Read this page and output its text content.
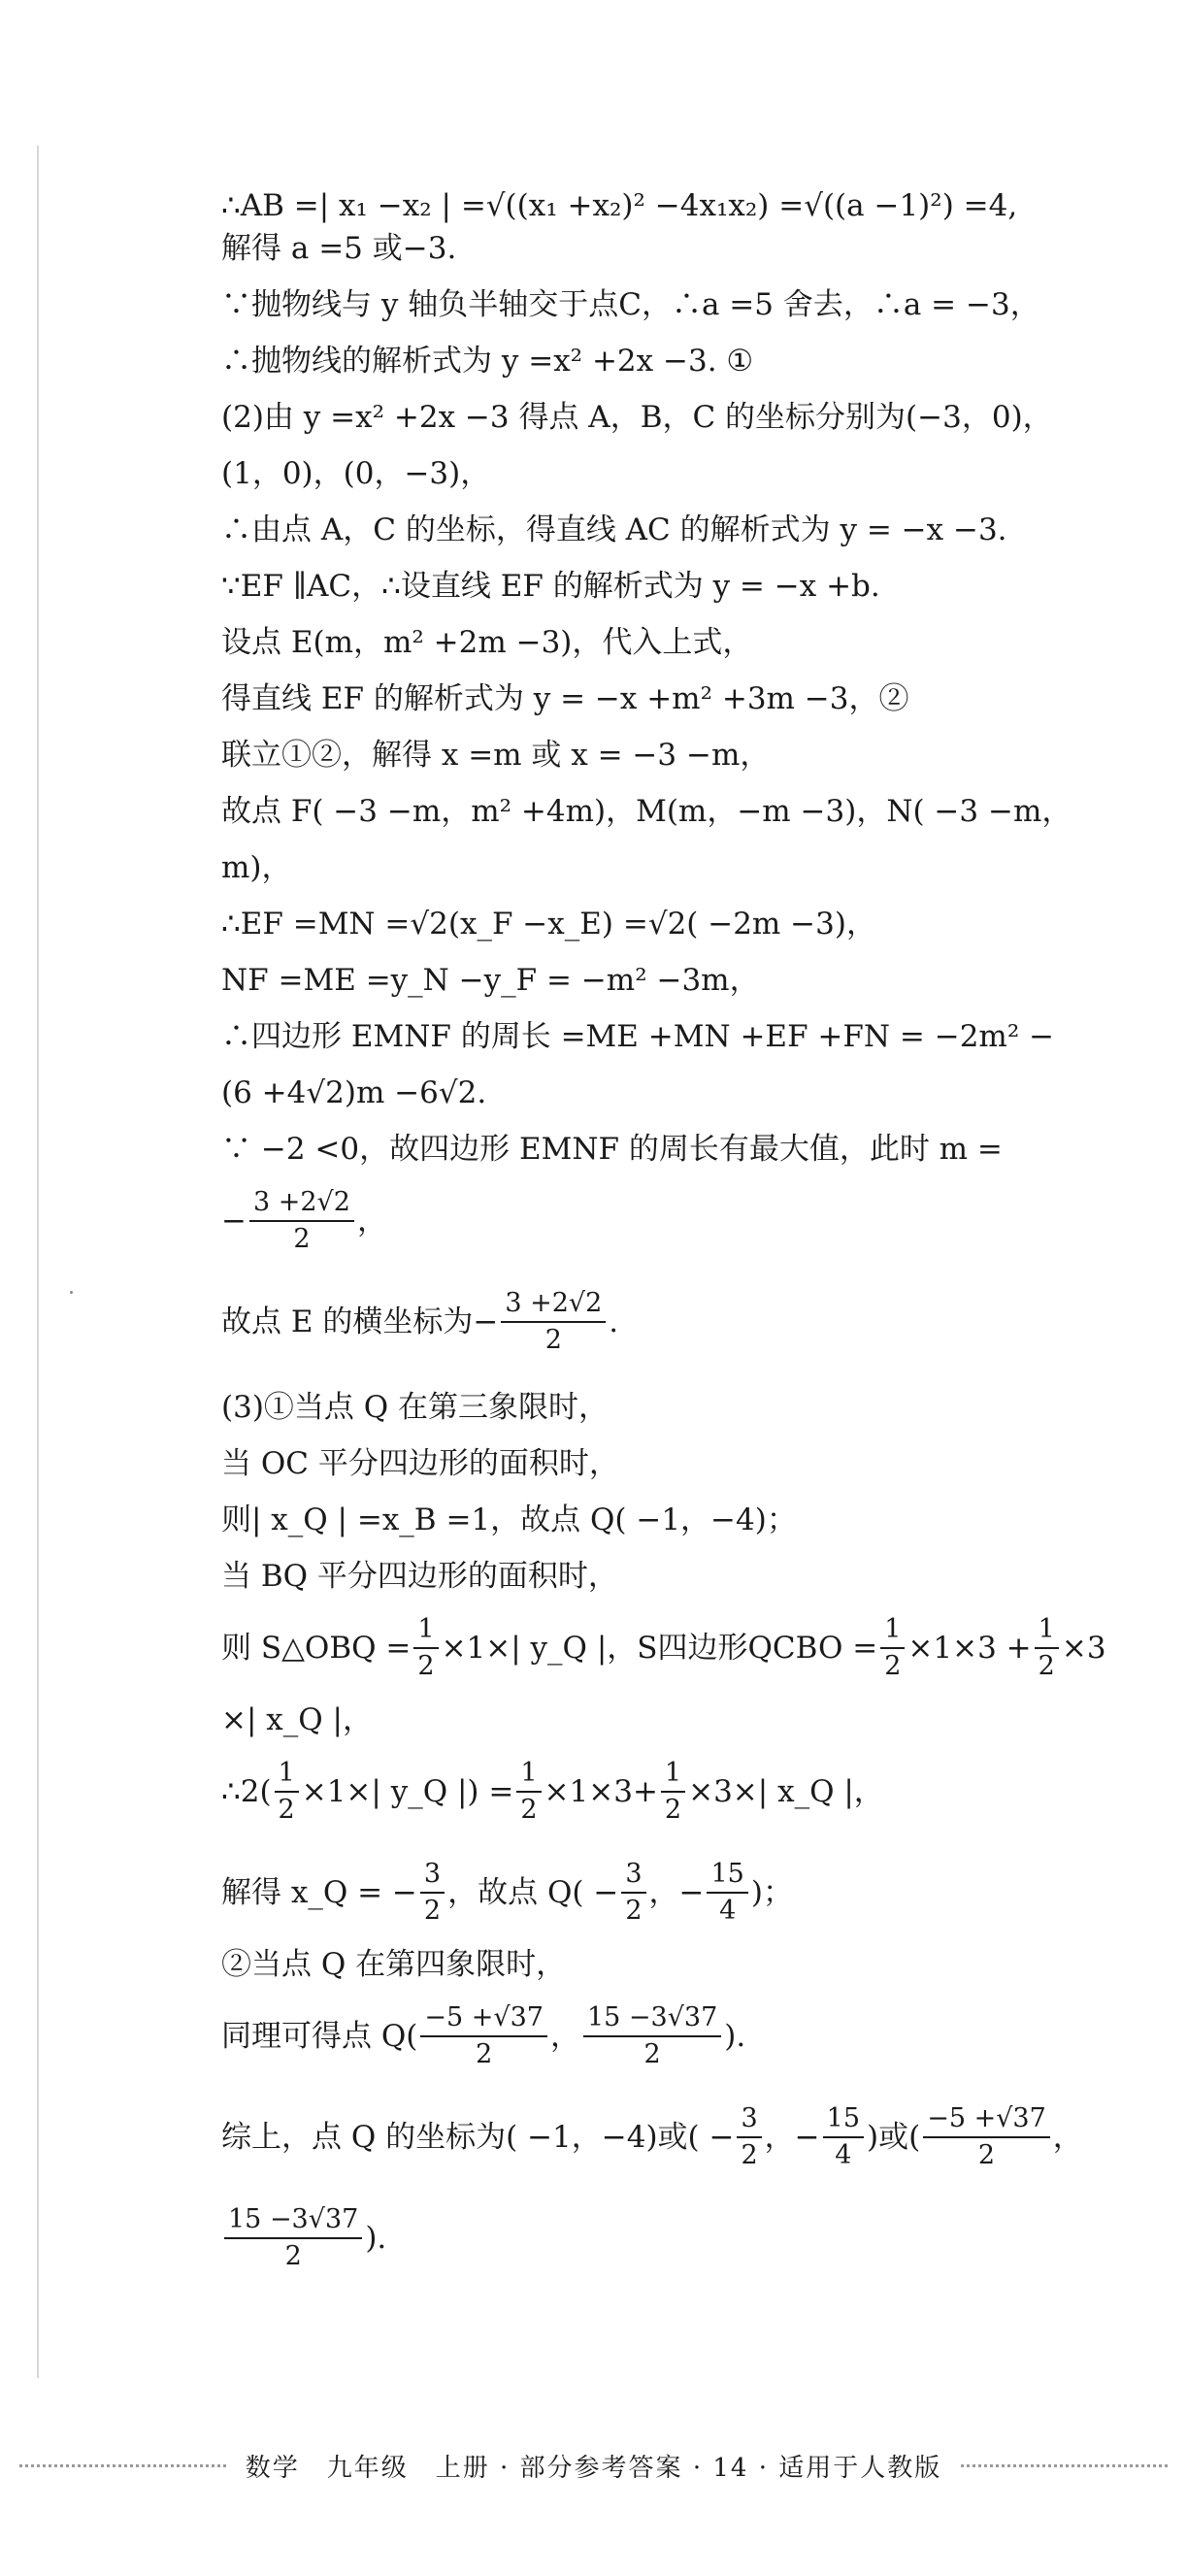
∴AB =| x₁ −x₂ | =√((x₁ +x₂)² −4x₁x₂) =√((a −1)²) =4,

解得 a =5 或−3.

∵抛物线与 y 轴负半轴交于点C，∴a =5 舍去，∴a = −3，

∴抛物线的解析式为 y =x² +2x −3. ①

(2)由 y =x² +2x −3 得点 A，B，C 的坐标分别为(−3，0)，

(1，0)，(0，−3)，

∴由点 A，C 的坐标，得直线 AC 的解析式为 y = −x −3.

∵EF ∥AC，∴设直线 EF 的解析式为 y = −x +b.

设点 E(m，m² +2m −3)，代入上式，

得直线 EF 的解析式为 y = −x +m² +3m −3，②

联立①②，解得 x =m 或 x = −3 −m，

故点 F( −3 −m，m² +4m)，M(m，−m −3)，N( −3 −m，

m)，

∴EF =MN =√2(x_F −x_E) =√2( −2m −3)，

NF =ME =y_N −y_F = −m² −3m，

∴四边形 EMNF 的周长 =ME +MN +EF +FN = −2m² −

(6 +4√2)m −6√2.

∵ −2 <0，故四边形 EMNF 的周长有最大值，此时 m =

− $\frac{3 +2√2}{2}$ ，
故点 E 的横坐标为 − $\frac{3 +2√2}{2}$ .

(3)①当点 Q 在第三象限时，

当 OC 平分四边形的面积时，

则| x_Q | =x_B =1，故点 Q( −1，−4)；

当 BQ 平分四边形的面积时，

则 S△OBQ = $\frac{1}{2} \times 1\times|$ y_Q |，S四边形QCBO = $\frac{1}{2} \times 1\times 3 + \frac{1}{2} \times 3$

×| x_Q |，

∴2( $\frac{1}{2} \times 1\times|$ y_Q |) = $\frac{1}{2} \times 1\times 3+ \frac{1}{2} \times 3\times|$ x_Q |，
解得 x_Q = − $\frac{3}{2}$ ，故点 $Q( - \frac{3}{2}$ ，− $\frac{15}{4}$ )；

②当点 Q 在第四象限时，

同理可得点 $Q( \frac{-5 +√37}{2}$ ， $\frac{15 -3√37}{2}$ ).
综上，点 Q 的坐标为( −1，−4)或( − $\frac{3}{2}$ ，− $\frac{15}{4}$ )或( $\frac{-5 +√37}{2}$ ，
$\frac{15 -3√37}{2}$ ).
数学　九年级　上册 · 部分参考答案 · 14 · 适用于人教版
